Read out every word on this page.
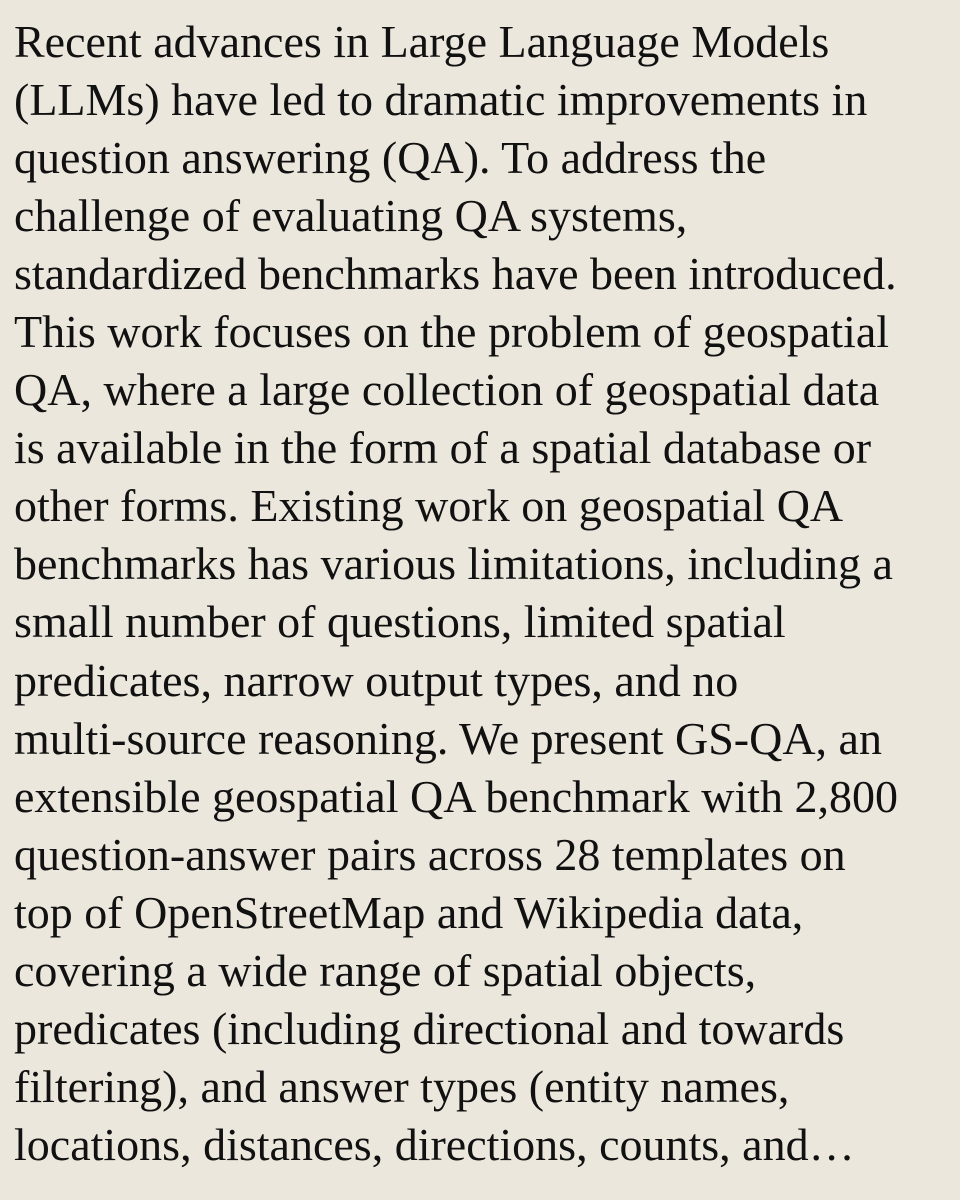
Recent advances in Large Language Models
(LLMs) have led to dramatic improvements in
question answering (QA). To address the
challenge of evaluating QA systems,
standardized benchmarks have been introduced.
This work focuses on the problem of geospatial
QA, where a large collection of geospatial data
is available in the form of a spatial database or
other forms. Existing work on geospatial QA
benchmarks has various limitations, including a
small number of questions, limited spatial
predicates, narrow output types, and no
multi-source reasoning. We present GS-QA, an
extensible geospatial QA benchmark with 2,800
question-answer pairs across 28 templates on
top of OpenStreetMap and Wikipedia data,
covering a wide range of spatial objects,
predicates (including directional and towards
filtering), and answer types (entity names,
locations, distances, directions, counts, and…
